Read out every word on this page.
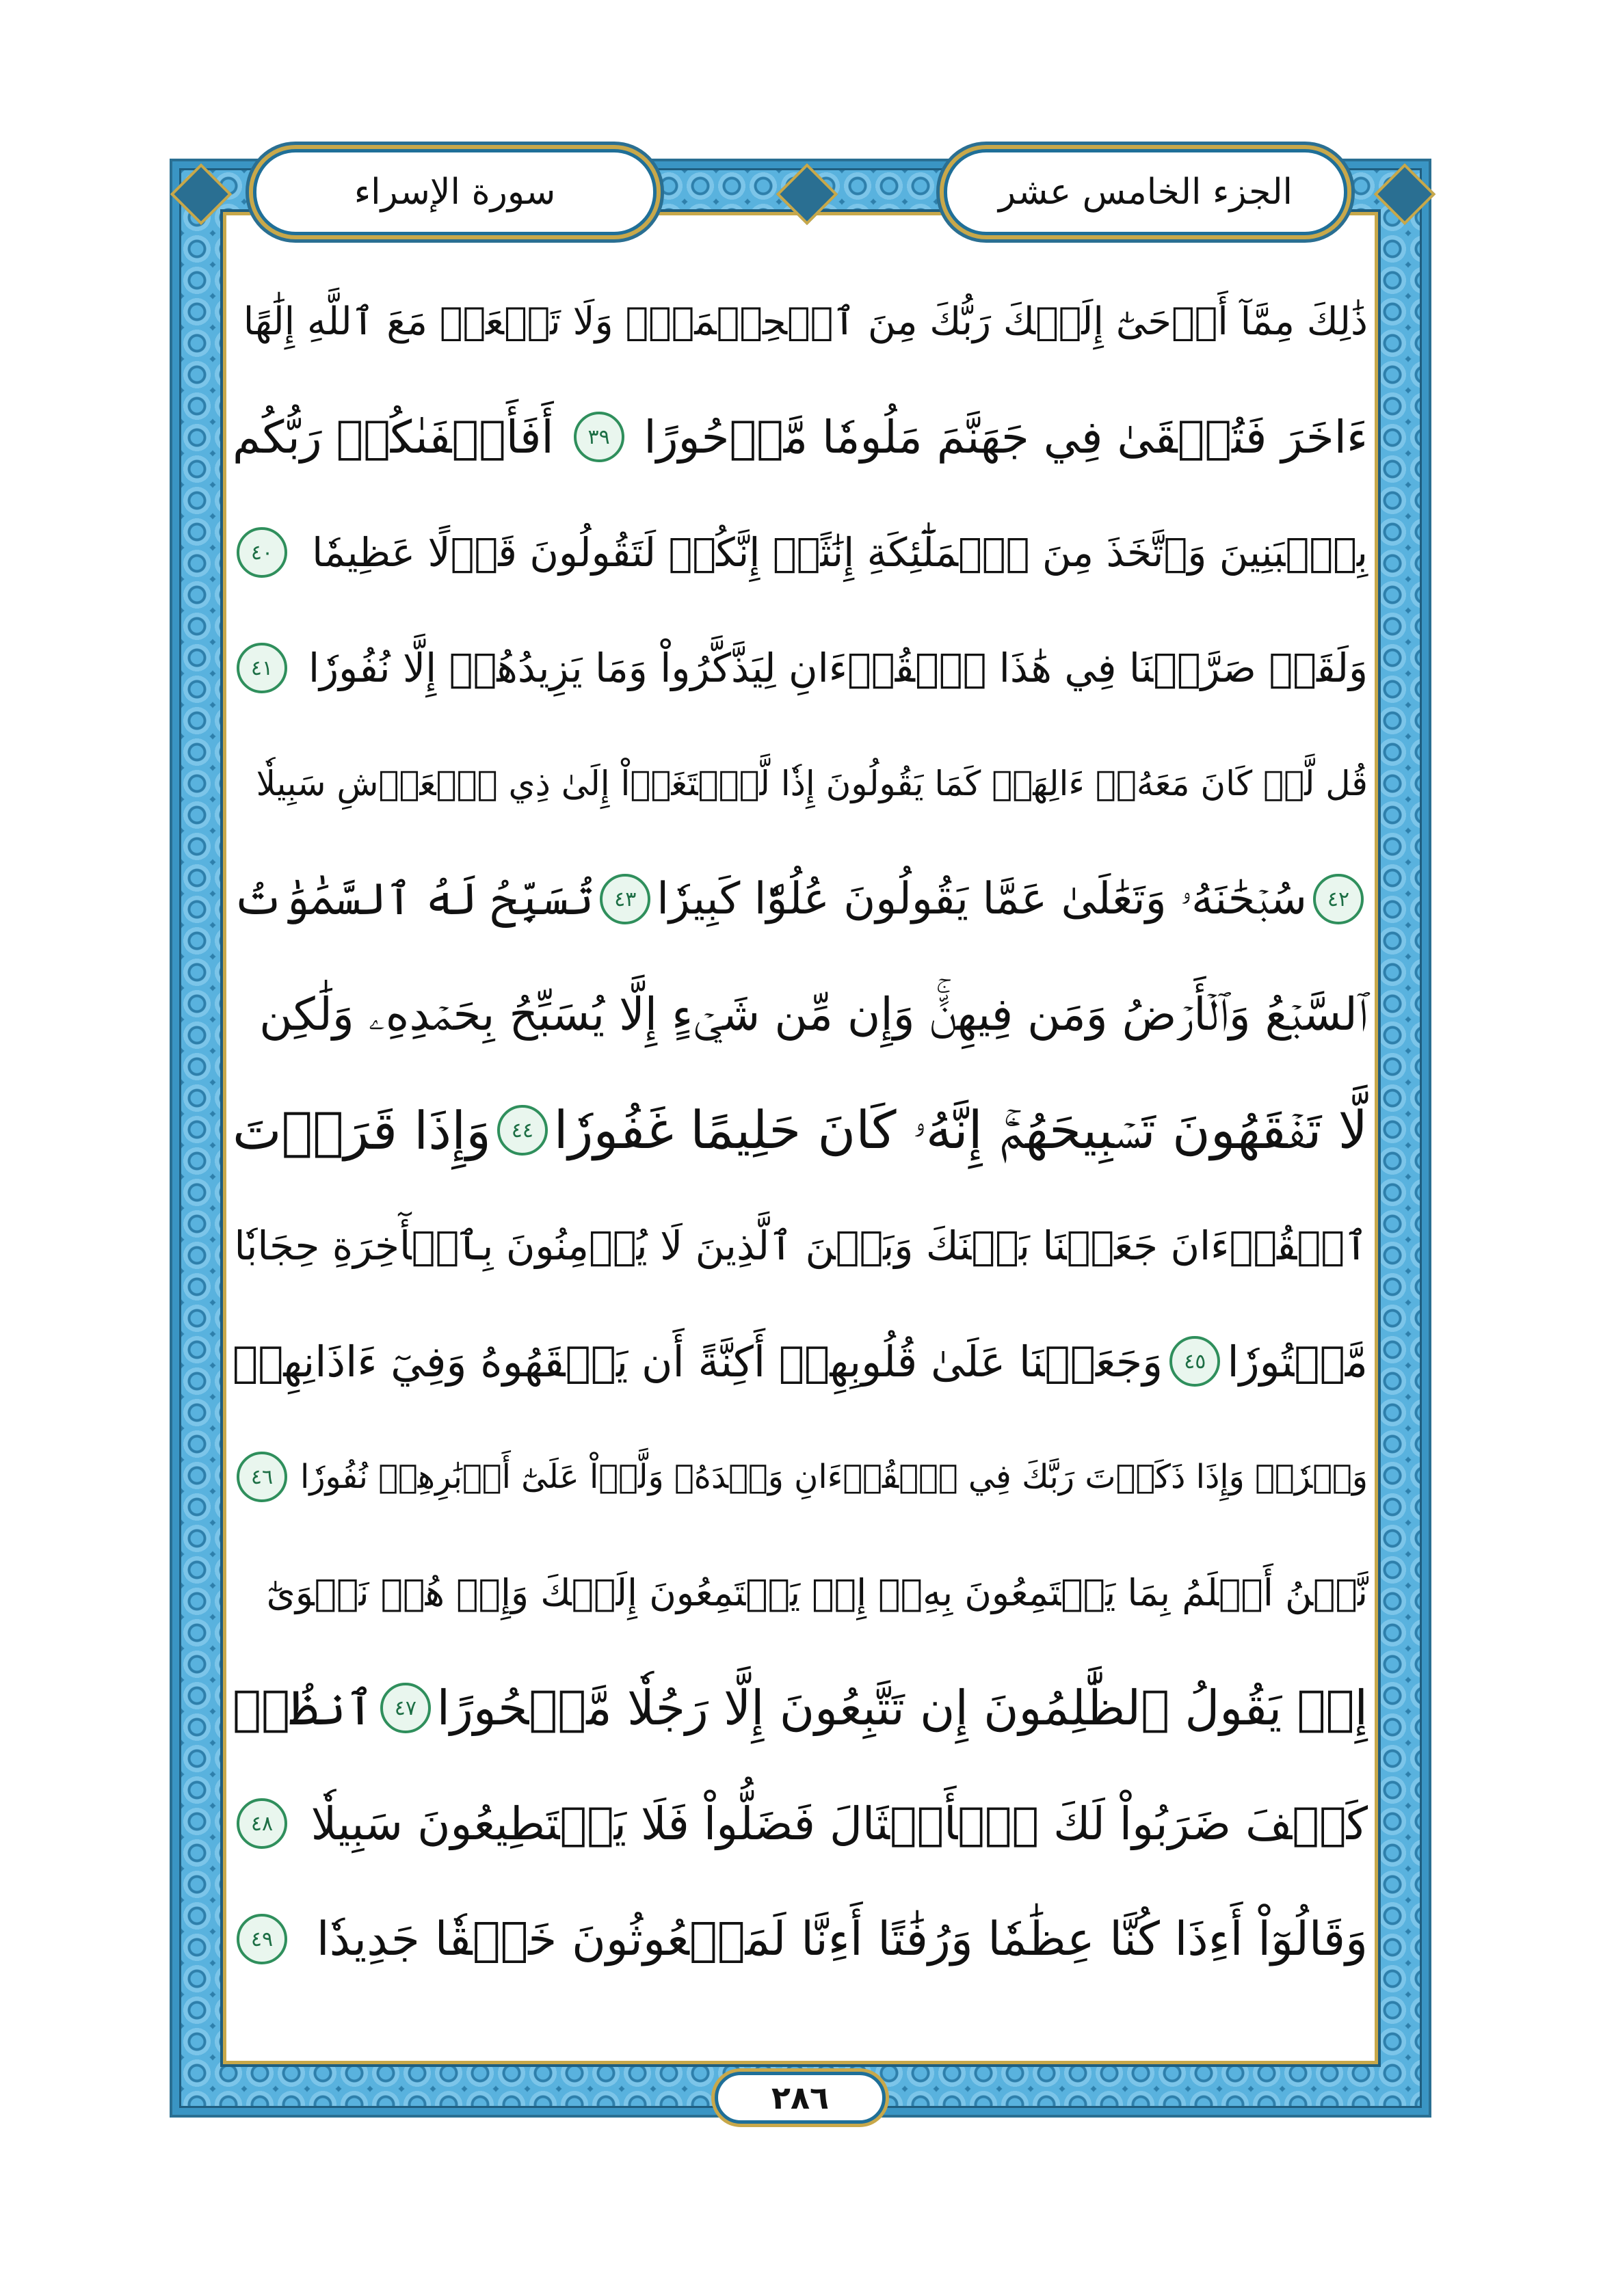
الجزء الخامس عشر
سورة الإسراء
ذَٰلِكَ مِمَّآ أَوۡحَىٰٓ إِلَيۡكَ رَبُّكَ مِنَ ٱلۡحِكۡمَةِۗ وَلَا تَجۡعَلۡ مَعَ ٱللَّهِ إِلَٰهًا
ءَاخَرَ فَتُلۡقَىٰ فِي جَهَنَّمَ مَلُومٗا مَّدۡحُورًا
٣٩
أَفَأَصۡفَىٰكُمۡ رَبُّكُم
بِٱلۡبَنِينَ وَٱتَّخَذَ مِنَ ٱلۡمَلَٰٓئِكَةِ إِنَٰثًاۚ إِنَّكُمۡ لَتَقُولُونَ قَوۡلًا عَظِيمٗا
٤٠
وَلَقَدۡ صَرَّفۡنَا فِي هَٰذَا ٱلۡقُرۡءَانِ لِيَذَّكَّرُواْ وَمَا يَزِيدُهُمۡ إِلَّا نُفُورٗا
٤١
قُل لَّوۡ كَانَ مَعَهُۥٓ ءَالِهَةٞ كَمَا يَقُولُونَ إِذٗا لَّٱبۡتَغَوۡاْ إِلَىٰ ذِي ٱلۡعَرۡشِ سَبِيلٗا
٤٢
سُبۡحَٰنَهُۥ وَتَعَٰلَىٰ عَمَّا يَقُولُونَ عُلُوّٗا كَبِيرٗا
٤٣
تُسَبِّحُ لَهُ ٱلسَّمَٰوَٰتُ
ٱلسَّبۡعُ وَٱلۡأَرۡضُ وَمَن فِيهِنَّۚ وَإِن مِّن شَيۡءٍ إِلَّا يُسَبِّحُ بِحَمۡدِهِۦ وَلَٰكِن
لَّا تَفۡقَهُونَ تَسۡبِيحَهُمۡۚ إِنَّهُۥ كَانَ حَلِيمًا غَفُورٗا
٤٤
وَإِذَا قَرَأۡتَ
ٱلۡقُرۡءَانَ جَعَلۡنَا بَيۡنَكَ وَبَيۡنَ ٱلَّذِينَ لَا يُؤۡمِنُونَ بِٱلۡأٓخِرَةِ حِجَابٗا
مَّسۡتُورٗا
٤٥
وَجَعَلۡنَا عَلَىٰ قُلُوبِهِمۡ أَكِنَّةً أَن يَفۡقَهُوهُ وَفِيٓ ءَاذَانِهِمۡ
وَقۡرٗاۚ وَإِذَا ذَكَرۡتَ رَبَّكَ فِي ٱلۡقُرۡءَانِ وَحۡدَهُۥ وَلَّوۡاْ عَلَىٰٓ أَدۡبَٰرِهِمۡ نُفُورٗا
٤٦
نَّحۡنُ أَعۡلَمُ بِمَا يَسۡتَمِعُونَ بِهِۦٓ إِذۡ يَسۡتَمِعُونَ إِلَيۡكَ وَإِذۡ هُمۡ نَجۡوَىٰٓ
إِذۡ يَقُولُ ٱلظَّٰلِمُونَ إِن تَتَّبِعُونَ إِلَّا رَجُلٗا مَّسۡحُورًا
٤٧
ٱنظُرۡ
كَيۡفَ ضَرَبُواْ لَكَ ٱلۡأَمۡثَالَ فَضَلُّواْ فَلَا يَسۡتَطِيعُونَ سَبِيلٗا
٤٨
وَقَالُوٓاْ أَءِذَا كُنَّا عِظَٰمٗا وَرُفَٰتًا أَءِنَّا لَمَبۡعُوثُونَ خَلۡقٗا جَدِيدٗا
٤٩
٢٨٦
